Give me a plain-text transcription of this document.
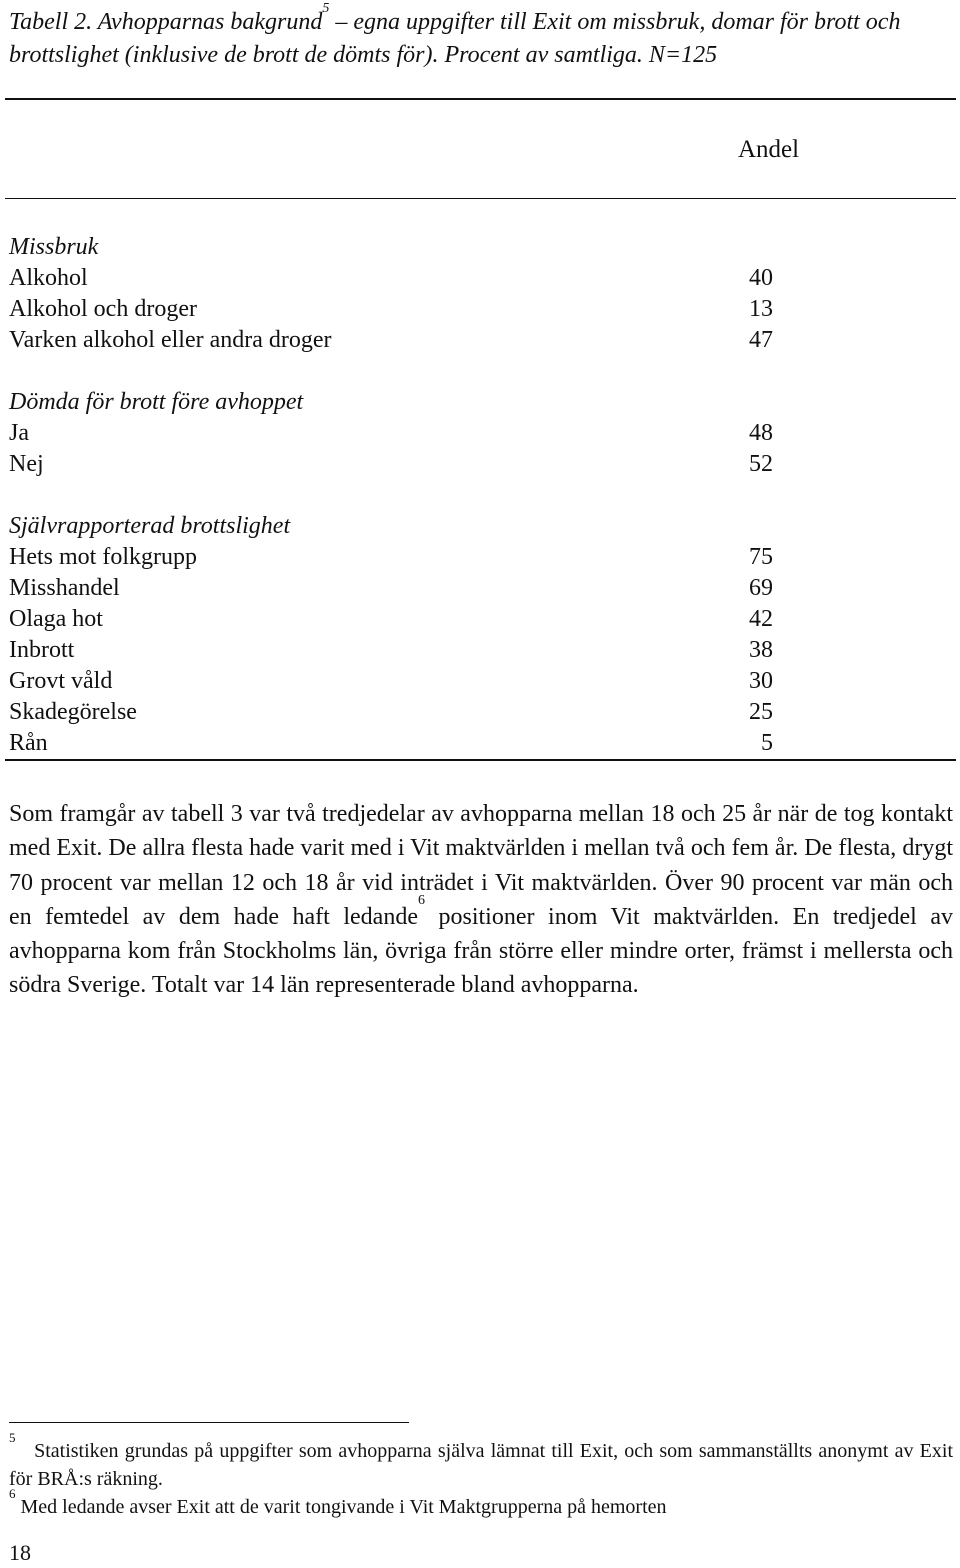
Tabell 2. Avhopparnas bakgrund$^5$ – egna uppgifter till Exit om missbruk, domar för brott och brottslighet (inklusive de brott de dömts för). Procent av samtliga. N=125
Andel
Missbruk
Alkohol	40
Alkohol och droger	13
Varken alkohol eller andra droger	47
Dömda för brott före avhoppet
Ja	48
Nej	52
Självrapporterad brottslighet
Hets mot folkgrupp	75
Misshandel	69
Olaga hot	42
Inbrott	38
Grovt våld	30
Skadegörelse	25
Rån	5
Som framgår av tabell 3 var två tredjedelar av avhopparna mellan 18 och 25 år när de tog kontakt med Exit. De allra flesta hade varit med i Vit maktvärlden i mellan två och fem år. De flesta, drygt 70 procent var mellan 12 och 18 år vid inträdet i Vit maktvärlden. Över 90 procent var män och en femtedel av dem hade haft ledande$^6$ positioner inom Vit maktvärlden. En tredjedel av avhopparna kom från Stockholms län, övriga från större eller mindre orter, främst i mellersta och södra Sverige. Totalt var 14 län representerade bland avhopparna.
$^5$   Statistiken grundas på uppgifter som avhopparna själva lämnat till Exit, och som sammanställts anonymt av Exit för BRÅ:s räkning.
$^6$ Med ledande avser Exit att de varit tongivande i Vit Maktgrupperna på hemorten
18
